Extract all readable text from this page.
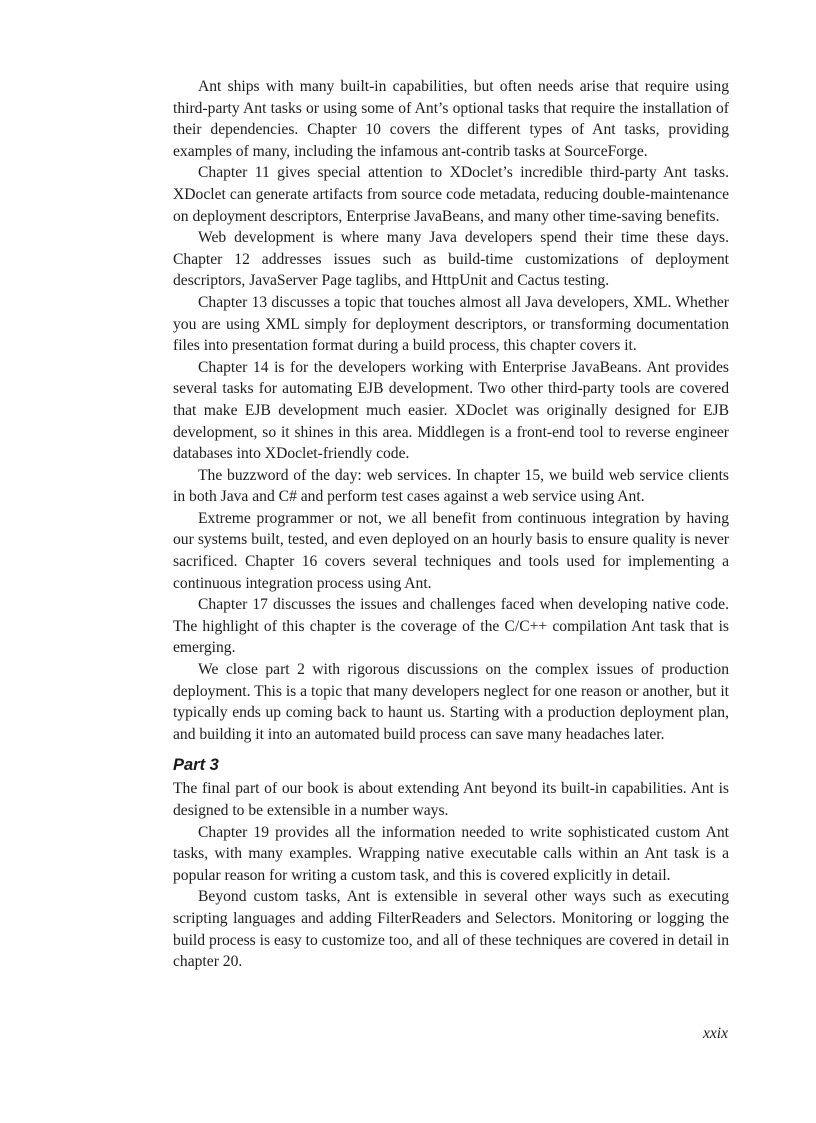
Ant ships with many built-in capabilities, but often needs arise that require using third-party Ant tasks or using some of Ant’s optional tasks that require the installation of their dependencies. Chapter 10 covers the different types of Ant tasks, providing examples of many, including the infamous ant-contrib tasks at SourceForge.

Chapter 11 gives special attention to XDoclet’s incredible third-party Ant tasks. XDoclet can generate artifacts from source code metadata, reducing double-maintenance on deployment descriptors, Enterprise JavaBeans, and many other time-saving benefits.

Web development is where many Java developers spend their time these days. Chapter 12 addresses issues such as build-time customizations of deployment descriptors, JavaServer Page taglibs, and HttpUnit and Cactus testing.

Chapter 13 discusses a topic that touches almost all Java developers, XML. Whether you are using XML simply for deployment descriptors, or transforming documentation files into presentation format during a build process, this chapter covers it.

Chapter 14 is for the developers working with Enterprise JavaBeans. Ant provides several tasks for automating EJB development. Two other third-party tools are covered that make EJB development much easier. XDoclet was originally designed for EJB development, so it shines in this area. Middlegen is a front-end tool to reverse engineer databases into XDoclet-friendly code.

The buzzword of the day: web services. In chapter 15, we build web service clients in both Java and C# and perform test cases against a web service using Ant.

Extreme programmer or not, we all benefit from continuous integration by having our systems built, tested, and even deployed on an hourly basis to ensure quality is never sacrificed. Chapter 16 covers several techniques and tools used for implementing a continuous integration process using Ant.

Chapter 17 discusses the issues and challenges faced when developing native code. The highlight of this chapter is the coverage of the C/C++ compilation Ant task that is emerging.

We close part 2 with rigorous discussions on the complex issues of production deployment. This is a topic that many developers neglect for one reason or another, but it typically ends up coming back to haunt us. Starting with a production deployment plan, and building it into an automated build process can save many headaches later.

Part 3

The final part of our book is about extending Ant beyond its built-in capabilities. Ant is designed to be extensible in a number ways.

Chapter 19 provides all the information needed to write sophisticated custom Ant tasks, with many examples. Wrapping native executable calls within an Ant task is a popular reason for writing a custom task, and this is covered explicitly in detail.

Beyond custom tasks, Ant is extensible in several other ways such as executing scripting languages and adding FilterReaders and Selectors. Monitoring or logging the build process is easy to customize too, and all of these techniques are covered in detail in chapter 20.

xxix
